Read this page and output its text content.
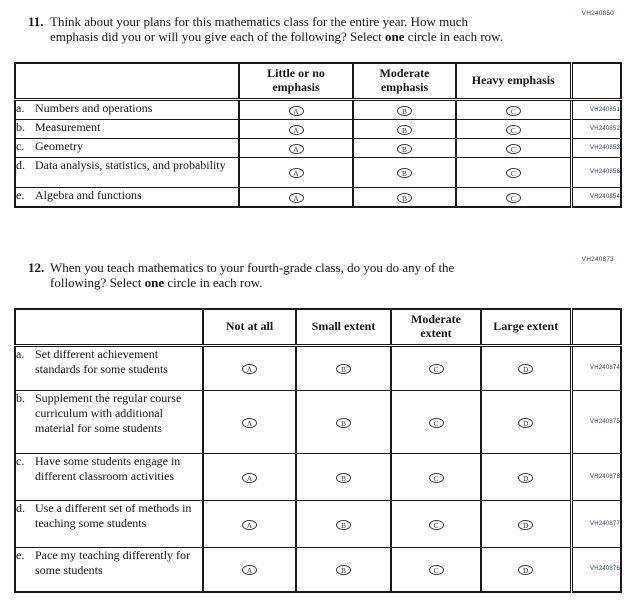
VH240850
11. Think about your plans for this mathematics class for the entire year. How much
emphasis did you or will you give each of the following? Select one circle in each row.
	Little or no emphasis	Moderate emphasis	Heavy emphasis	
a. Numbers and operations	A	B	C	VH240851
b. Measurement	A	B	C	VH240852
c. Geometry	A	B	C	VH240853
d. Data analysis, statistics, and probability	A	B	C	VH240856
e. Algebra and functions	A	B	C	VH240854
VH240873
12. When you teach mathematics to your fourth-grade class, do you do any of the
following? Select one circle in each row.
	Not at all	Small extent	Moderate extent	Large extent	
a. Set different achievement standards for some students	A	B	C	D	VH240874
b. Supplement the regular course curriculum with additional material for some students	A	B	C	D	VH240875
c. Have some students engage in different classroom activities	A	B	C	D	VH240878
d. Use a different set of methods in teaching some students	A	B	C	D	VH240877
e. Pace my teaching differently for some students	A	B	C	D	VH240876
